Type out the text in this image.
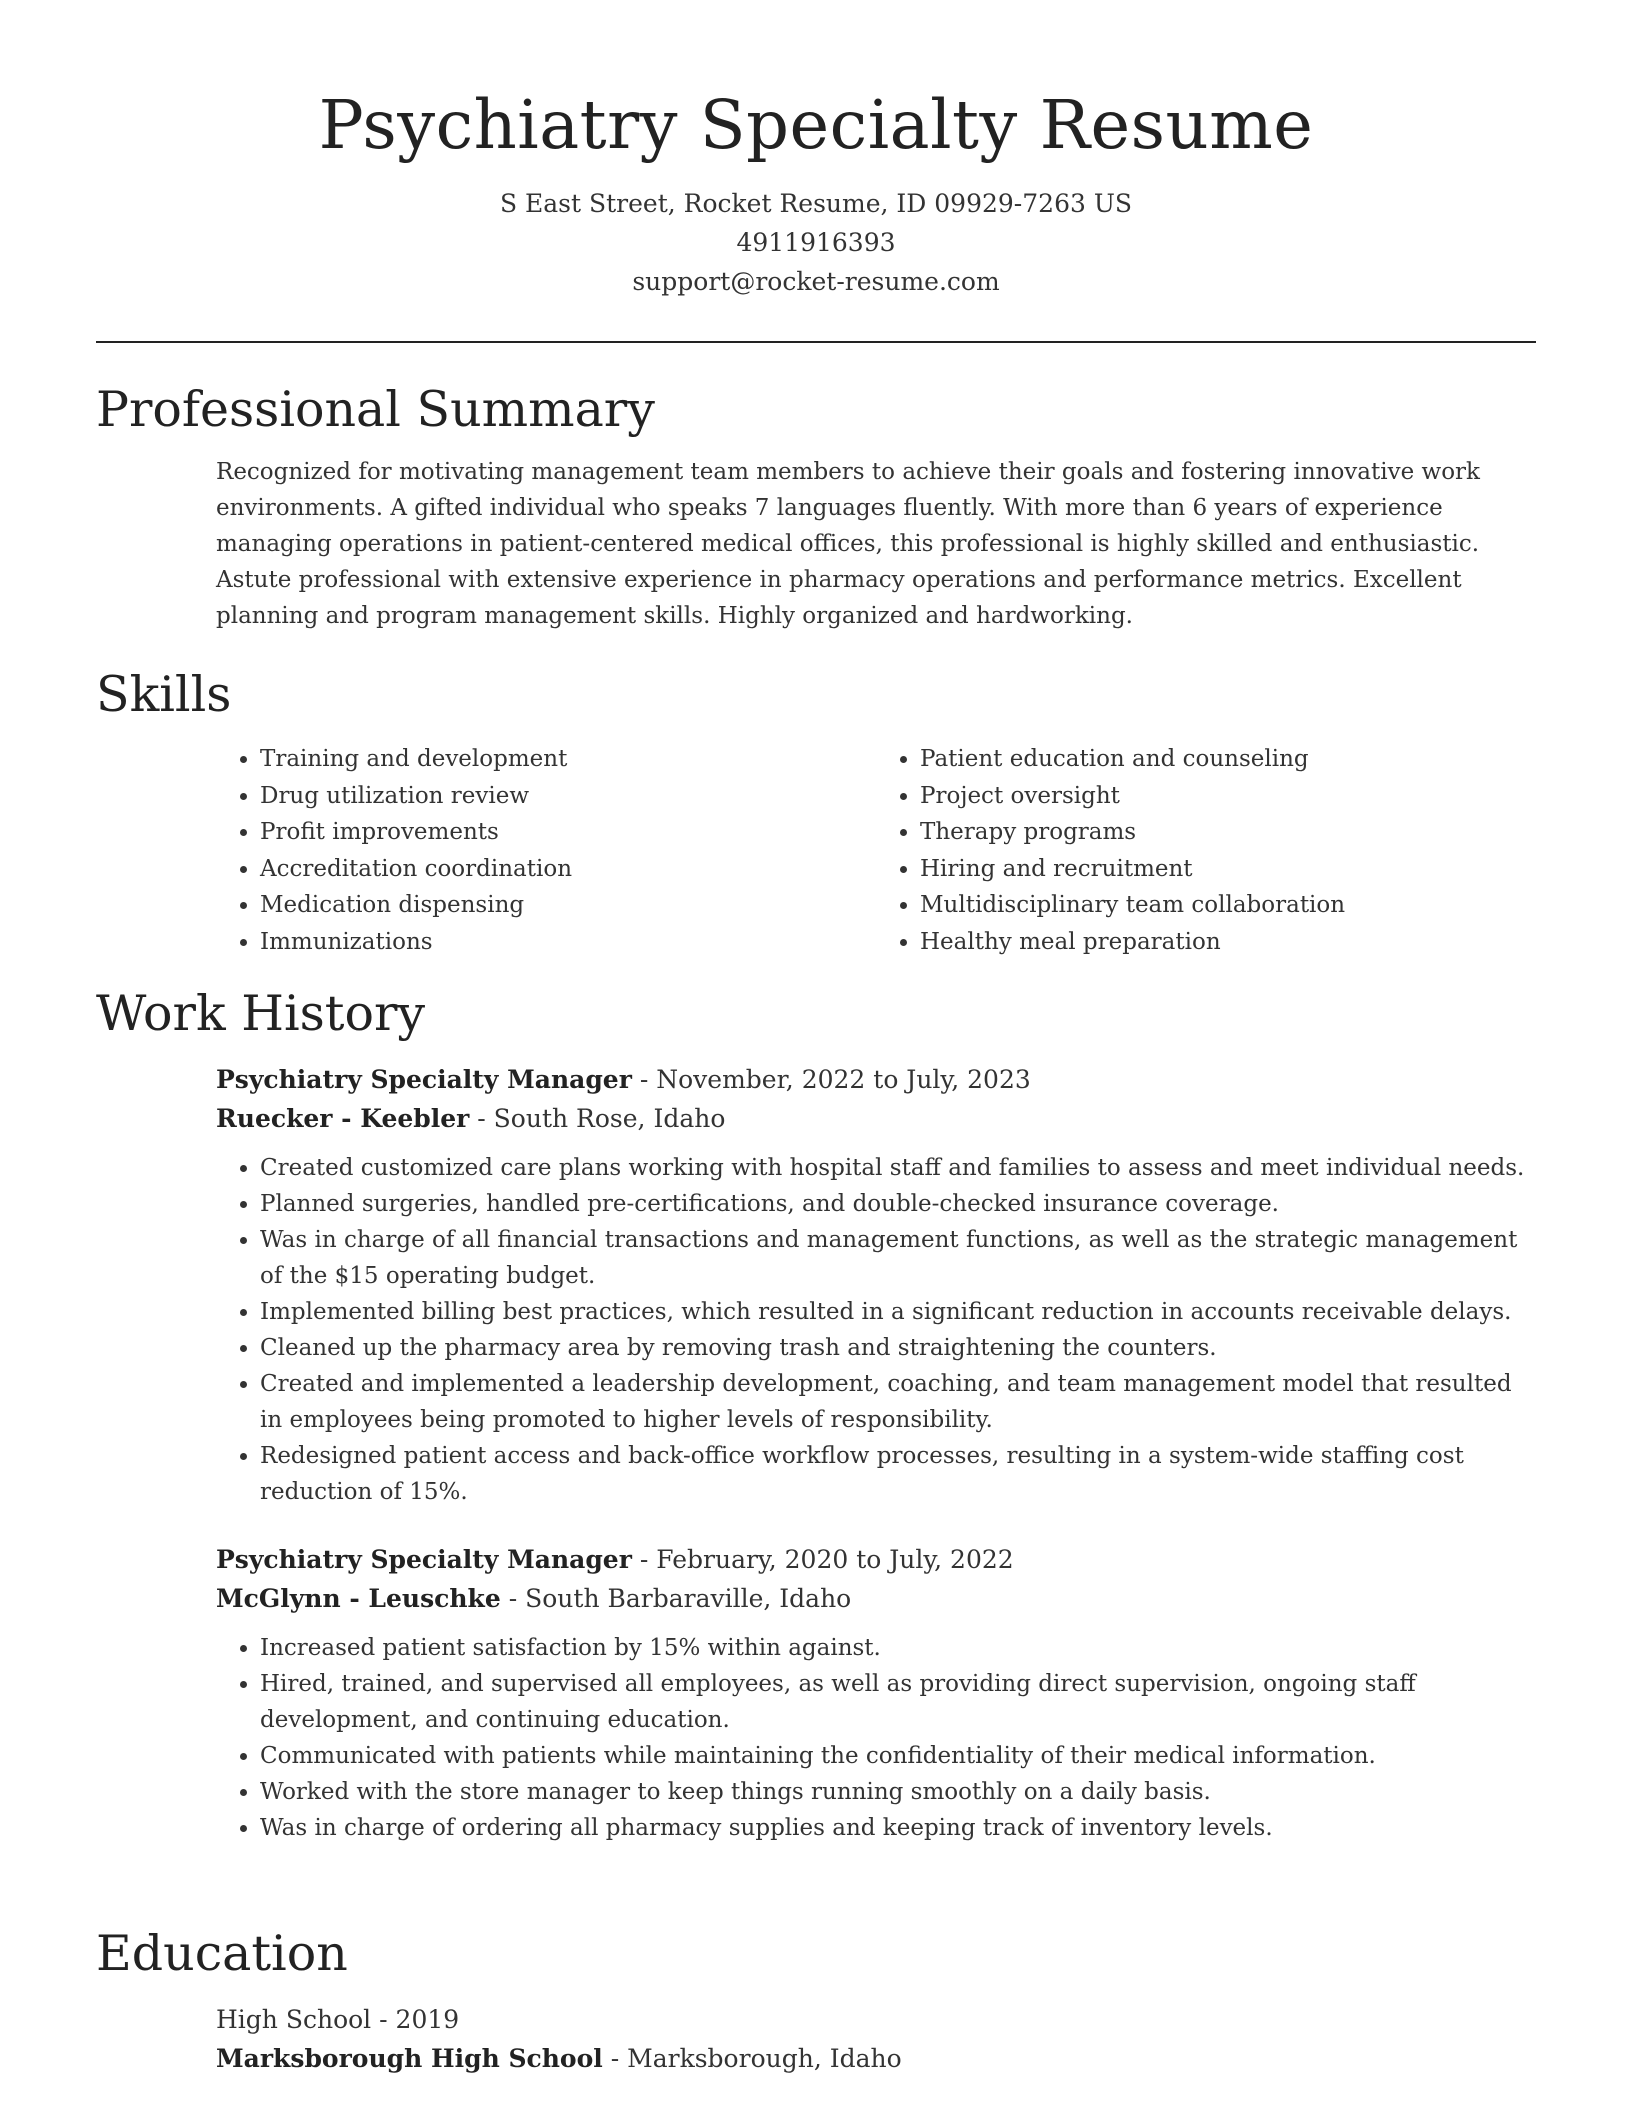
Psychiatry Specialty Resume
S East Street, Rocket Resume, ID 09929-7263 US
4911916393
support@rocket-resume.com
Professional Summary
Recognized for motivating management team members to achieve their goals and fostering innovative work environments. A gifted individual who speaks 7 languages fluently. With more than 6 years of experience managing operations in patient-centered medical offices, this professional is highly skilled and enthusiastic. Astute professional with extensive experience in pharmacy operations and performance metrics. Excellent planning and program management skills. Highly organized and hardworking.
Skills
• Training and development
• Drug utilization review
• Profit improvements
• Accreditation coordination
• Medication dispensing
• Immunizations
• Patient education and counseling
• Project oversight
• Therapy programs
• Hiring and recruitment
• Multidisciplinary team collaboration
• Healthy meal preparation
Work History
Psychiatry Specialty Manager - November, 2022 to July, 2023
Ruecker - Keebler - South Rose, Idaho
• Created customized care plans working with hospital staff and families to assess and meet individual needs.
• Planned surgeries, handled pre-certifications, and double-checked insurance coverage.
• Was in charge of all financial transactions and management functions, as well as the strategic management of the $15 operating budget.
• Implemented billing best practices, which resulted in a significant reduction in accounts receivable delays.
• Cleaned up the pharmacy area by removing trash and straightening the counters.
• Created and implemented a leadership development, coaching, and team management model that resulted in employees being promoted to higher levels of responsibility.
• Redesigned patient access and back-office workflow processes, resulting in a system-wide staffing cost reduction of 15%.
Psychiatry Specialty Manager - February, 2020 to July, 2022
McGlynn - Leuschke - South Barbaraville, Idaho
• Increased patient satisfaction by 15% within against.
• Hired, trained, and supervised all employees, as well as providing direct supervision, ongoing staff development, and continuing education.
• Communicated with patients while maintaining the confidentiality of their medical information.
• Worked with the store manager to keep things running smoothly on a daily basis.
• Was in charge of ordering all pharmacy supplies and keeping track of inventory levels.
Education
High School - 2019
Marksborough High School - Marksborough, Idaho
